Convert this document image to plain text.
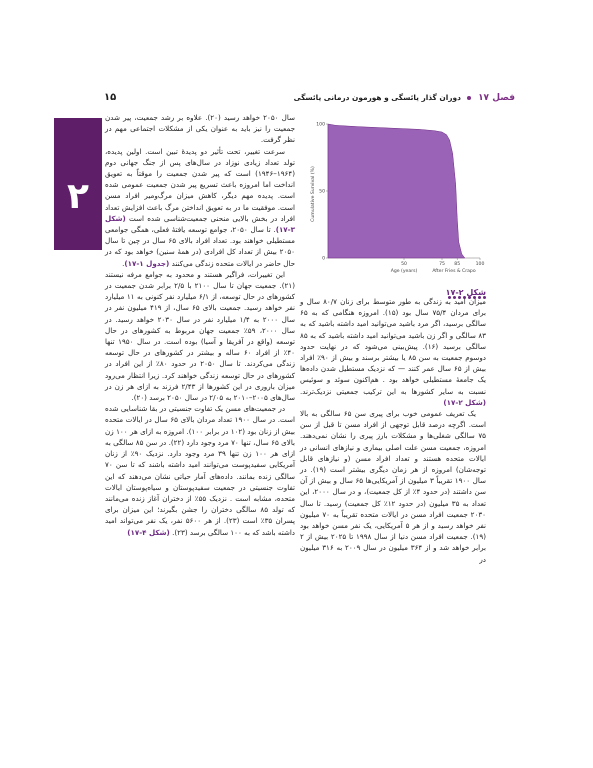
۱۵	فصل ۱۷  دوران گذار یائسگی و هورمون درمانی یائسگی
۲

سال ۲۰۵۰ خواهد رسید (۲۰). علاوه بر رشد جمعیت، پیر شدن جمعیت را نیز باید به عنوان یکی از مشکلات اجتماعی مهم در نظر گرفت.

سرعت تغییر، تحت تأثیر دو پدیدهٔ تبین است. اولین پدیده، تولد تعداد زیادی نوزاد در سال‌های پس از جنگ جهانی دوم (۱۹۶۴–۱۹۴۶) است که پیر شدن جمعیت را موقتاً به تعویق انداخت اما امروزه باعث تسریع پیر شدن جمعیت عمومی شده است. پدیده مهم دیگر، کاهش میزان مرگ‌ومیر افراد مسن است. موفقیت ما در به تعویق انداختن مرگ باعث افزایش تعداد افراد در بخش بالایی منحنی جمعیت‌شناسی شده است (شکل ۳-۱۷). تا سال ۲۰۵۰، جوامع توسعه یافتهٔ فعلی، همگی جوامعی مستطیلی خواهند بود. تعداد افراد بالای ۶۵ سال در چین تا سال ۲۰۵۰ بیش از تعداد کل افرادی (در همهٔ سنین) خواهد بود که در حال حاضر در ایالات متحده زندگی می‌کنند (جدول ۱-۱۷).

این تغییرات، فراگیر هستند و محدود به جوامع مرفه نیستند (۲۱). جمعیت جهان تا سال ۲۱۰۰ با ۲/۵ برابر شدن جمعیت در کشورهای در حال توسعه، از ۶/۱ میلیارد نفر کنونی به ۱۱ میلیارد نفر خواهد رسید. جمعیت بالای ۶۵ سال، از ۴۱۹ میلیون نفر در سال ۲۰۰۰ به ۱/۴ میلیارد نفر در سال ۲۰۳۰ خواهد رسید. در سال ۲۰۰۰، ۵۹٪ جمعیت جهان مربوط به کشورهای در حال توسعه (واقع در آفریقا و آسیا) بوده است. در سال ۱۹۵۰ تنها ۴۰٪ از افراد ۶۰ ساله و بیشتر در کشورهای در حال توسعه زندگی می‌کردند. تا سال ۲۰۵۰ در حدود ۸۰٪ از این افراد در کشورهای در حال توسعه زندگی خواهند کرد. زیرا انتظار می‌رود میزان باروری در این کشورها از ۲/۴۳ فرزند به ازای هر زن در سال‌های ۲۰۰۵–۲۰۱۰ به ۲/۰۵ در سال ۲۰۵۰ برسد (۲۰).

در جمعیت‌های مسن یک تفاوت جنسیتی در بقا شناسایی شده است. در سال ۱۹۰۰ تعداد مردان بالای ۶۵ سال در ایالات متحده بیش از زنان بود (۱۰۲ در برابر ۱۰۰). امروزه به ازای هر ۱۰۰ زن بالای ۶۵ سال، تنها ۷۰ مرد وجود دارد (۲۲). در سن ۸۵ سالگی به ازای هر ۱۰۰ زن تنها ۳۹ مرد وجود دارد. نزدیک ۹۰٪ از زنان آمریکایی سفیدپوست می‌توانند امید داشته باشند که تا سن ۷۰ سالگی زنده بمانند. داده‌های آمار حیاتی نشان می‌دهند که این تفاوت جنسیتی در جمعیت سفیدپوستان و سیاه‌پوستان ایالات متحده، مشابه است . نزدیک ۵۵٪ از دختران آغاز زنده می‌مانند که تولد ۸۵ سالگی دختران را جشن بگیرند؛ این میزان برای پسران ۳۵٪ است (۲۳). از هر ۵۶۰۰ نفر، یک نفر می‌تواند امید داشته باشد که به ۱۰۰ سالگی برسد (۲۳). (شکل ۴-۱۷)

0
50
100
50	75 85	100
Cumulative Survival (%)
Age (years)	After Fries & Crapo
شکل ۲-۱۷

میزان امید به زندگی به طور متوسط برای زنان ۸۰/۷ سال و برای مردان ۷۵/۴ سال بود (۱۵). امروزه هنگامی که به ۶۵ سالگی برسید، اگر مرد باشید می‌توانید امید داشته باشید که به ۸۳ سالگی و اگر زن باشید می‌توانید امید داشته باشید که به ۸۵ سالگی برسید (۱۶). پیش‌بینی می‌شود که در نهایت حدود دوسوم جمعیت به سن ۸۵ یا بیشتر برسند و بیش از ۹۰٪ افراد بیش از ۶۵ سال عمر کنند — که نزدیک مستطیل شدن داده‌ها یک جامعهٔ مستطیلی خواهد بود . هم‌اکنون سوئد و سوئیس نسبت به سایر کشورها به این ترکیب جمعیتی نزدیک‌ترند. (شکل ۲-۱۷)

یک تعریف عمومی خوب برای پیری سن ۶۵ سالگی به بالا است. اگرچه درصد قابل توجهی از افراد مسن تا قبل از سن ۷۵ سالگی شغلی‌ها و مشکلات بارز پیری را نشان نمی‌دهند. امروزه، جمعیت مسن علت اصلی بیماری و نیازهای انسانی در ایالات متحده هستند و تعداد افراد مسن (و نیازهای قابل توجه‌شان) امروزه از هر زمان دیگری بیشتر است (۱۹). در سال ۱۹۰۰ تقریباً ۳ میلیون از آمریکایی‌ها ۶۵ سال و بیش از آن سن داشتند (در حدود ۴٪ از کل جمعیت)، و در سال ۲۰۰۰، این تعداد به ۳۵ میلیون (در حدود ۱۲٪ کل جمعیت) رسید. تا سال ۲۰۳۰ جمعیت افراد مسن در ایالات متحده تقریباً به ۷۰ میلیون نفر خواهد رسید و از هر ۵ آمریکایی، یک نفر مسن خواهد بود (۱۹). جمعیت افراد مسن دنیا از سال ۱۹۹۸ تا ۲۰۲۵ بیش از ۲ برابر خواهد شد و از ۳۶۴ میلیون در سال ۲۰۰۹ به ۳۱۶ میلیون در
